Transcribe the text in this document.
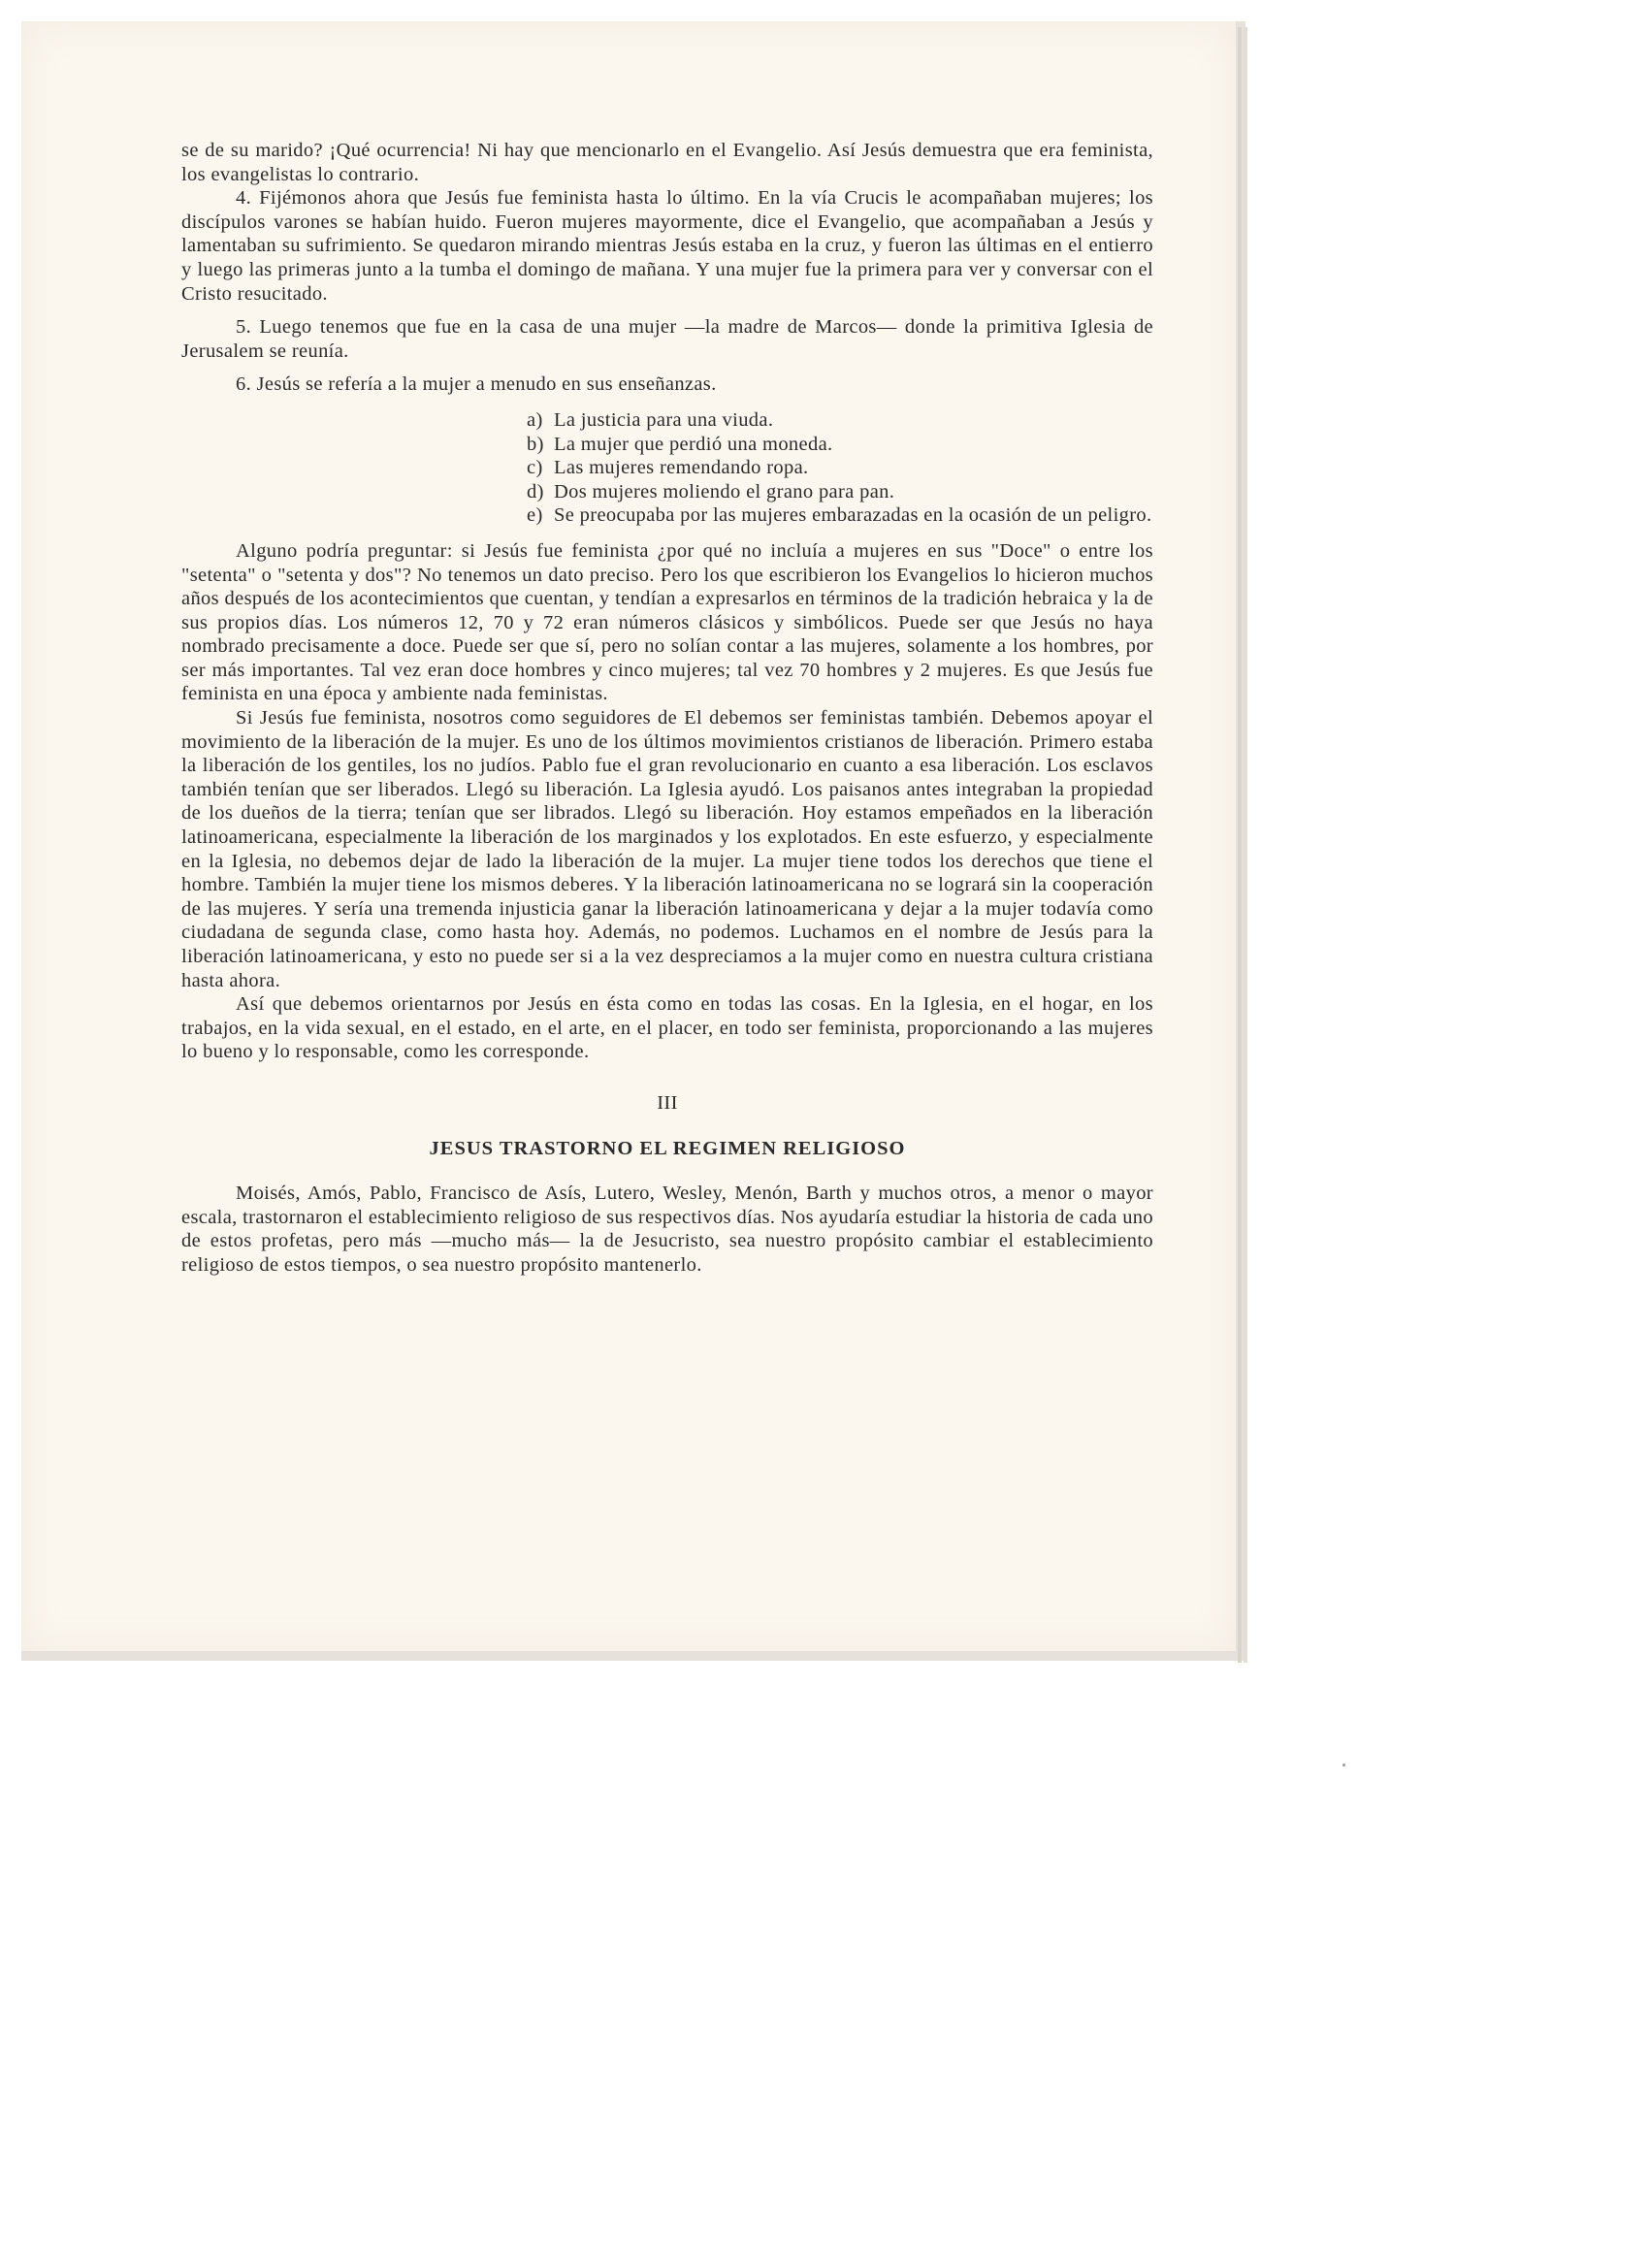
se de su marido? ¡Qué ocurrencia! Ni hay que mencionarlo en el Evangelio. Así Jesús demuestra que era feminista, los evangelistas lo contrario.

4. Fijémonos ahora que Jesús fue feminista hasta lo último. En la vía Crucis le acompañaban mujeres; los discípulos varones se habían huido. Fueron mujeres mayormente, dice el Evangelio, que acompañaban a Jesús y lamentaban su sufrimiento. Se quedaron mirando mientras Jesús estaba en la cruz, y fueron las últimas en el entierro y luego las primeras junto a la tumba el domingo de mañana. Y una mujer fue la primera para ver y conversar con el Cristo resucitado.

5. Luego tenemos que fue en la casa de una mujer —la madre de Marcos— donde la primitiva Iglesia de Jerusalem se reunía.

6. Jesús se refería a la mujer a menudo en sus enseñanzas.

a) La justicia para una viuda.
b) La mujer que perdió una moneda.
c) Las mujeres remendando ropa.
d) Dos mujeres moliendo el grano para pan.
e) Se preocupaba por las mujeres embarazadas en la ocasión de un peligro.

Alguno podría preguntar: si Jesús fue feminista ¿por qué no incluía a mujeres en sus "Doce" o entre los "setenta" o "setenta y dos"? No tenemos un dato preciso. Pero los que escribieron los Evangelios lo hicieron muchos años después de los acontecimientos que cuentan, y tendían a expresarlos en términos de la tradición hebraica y la de sus propios días. Los números 12, 70 y 72 eran números clásicos y simbólicos. Puede ser que Jesús no haya nombrado precisamente a doce. Puede ser que sí, pero no solían contar a las mujeres, solamente a los hombres, por ser más importantes. Tal vez eran doce hombres y cinco mujeres; tal vez 70 hombres y 2 mujeres. Es que Jesús fue feminista en una época y ambiente nada feministas.

Si Jesús fue feminista, nosotros como seguidores de El debemos ser feministas también. Debemos apoyar el movimiento de la liberación de la mujer. Es uno de los últimos movimientos cristianos de liberación. Primero estaba la liberación de los gentiles, los no judíos. Pablo fue el gran revolucionario en cuanto a esa liberación. Los esclavos también tenían que ser liberados. Llegó su liberación. La Iglesia ayudó. Los paisanos antes integraban la propiedad de los dueños de la tierra; tenían que ser librados. Llegó su liberación. Hoy estamos empeñados en la liberación latinoamericana, especialmente la liberación de los marginados y los explotados. En este esfuerzo, y especialmente en la Iglesia, no debemos dejar de lado la liberación de la mujer. La mujer tiene todos los derechos que tiene el hombre. También la mujer tiene los mismos deberes. Y la liberación latinoamericana no se logrará sin la cooperación de las mujeres. Y sería una tremenda injusticia ganar la liberación latinoamericana y dejar a la mujer todavía como ciudadana de segunda clase, como hasta hoy. Además, no podemos. Luchamos en el nombre de Jesús para la liberación latinoamericana, y esto no puede ser si a la vez despreciamos a la mujer como en nuestra cultura cristiana hasta ahora.

Así que debemos orientarnos por Jesús en ésta como en todas las cosas. En la Iglesia, en el hogar, en los trabajos, en la vida sexual, en el estado, en el arte, en el placer, en todo ser feminista, proporcionando a las mujeres lo bueno y lo responsable, como les corresponde.

III

JESUS TRASTORNO EL REGIMEN RELIGIOSO

Moisés, Amós, Pablo, Francisco de Asís, Lutero, Wesley, Menón, Barth y muchos otros, a menor o mayor escala, trastornaron el establecimiento religioso de sus respectivos días. Nos ayudaría estudiar la historia de cada uno de estos profetas, pero más —mucho más— la de Jesucristo, sea nuestro propósito cambiar el establecimiento religioso de estos tiempos, o sea nuestro propósito mantenerlo.
